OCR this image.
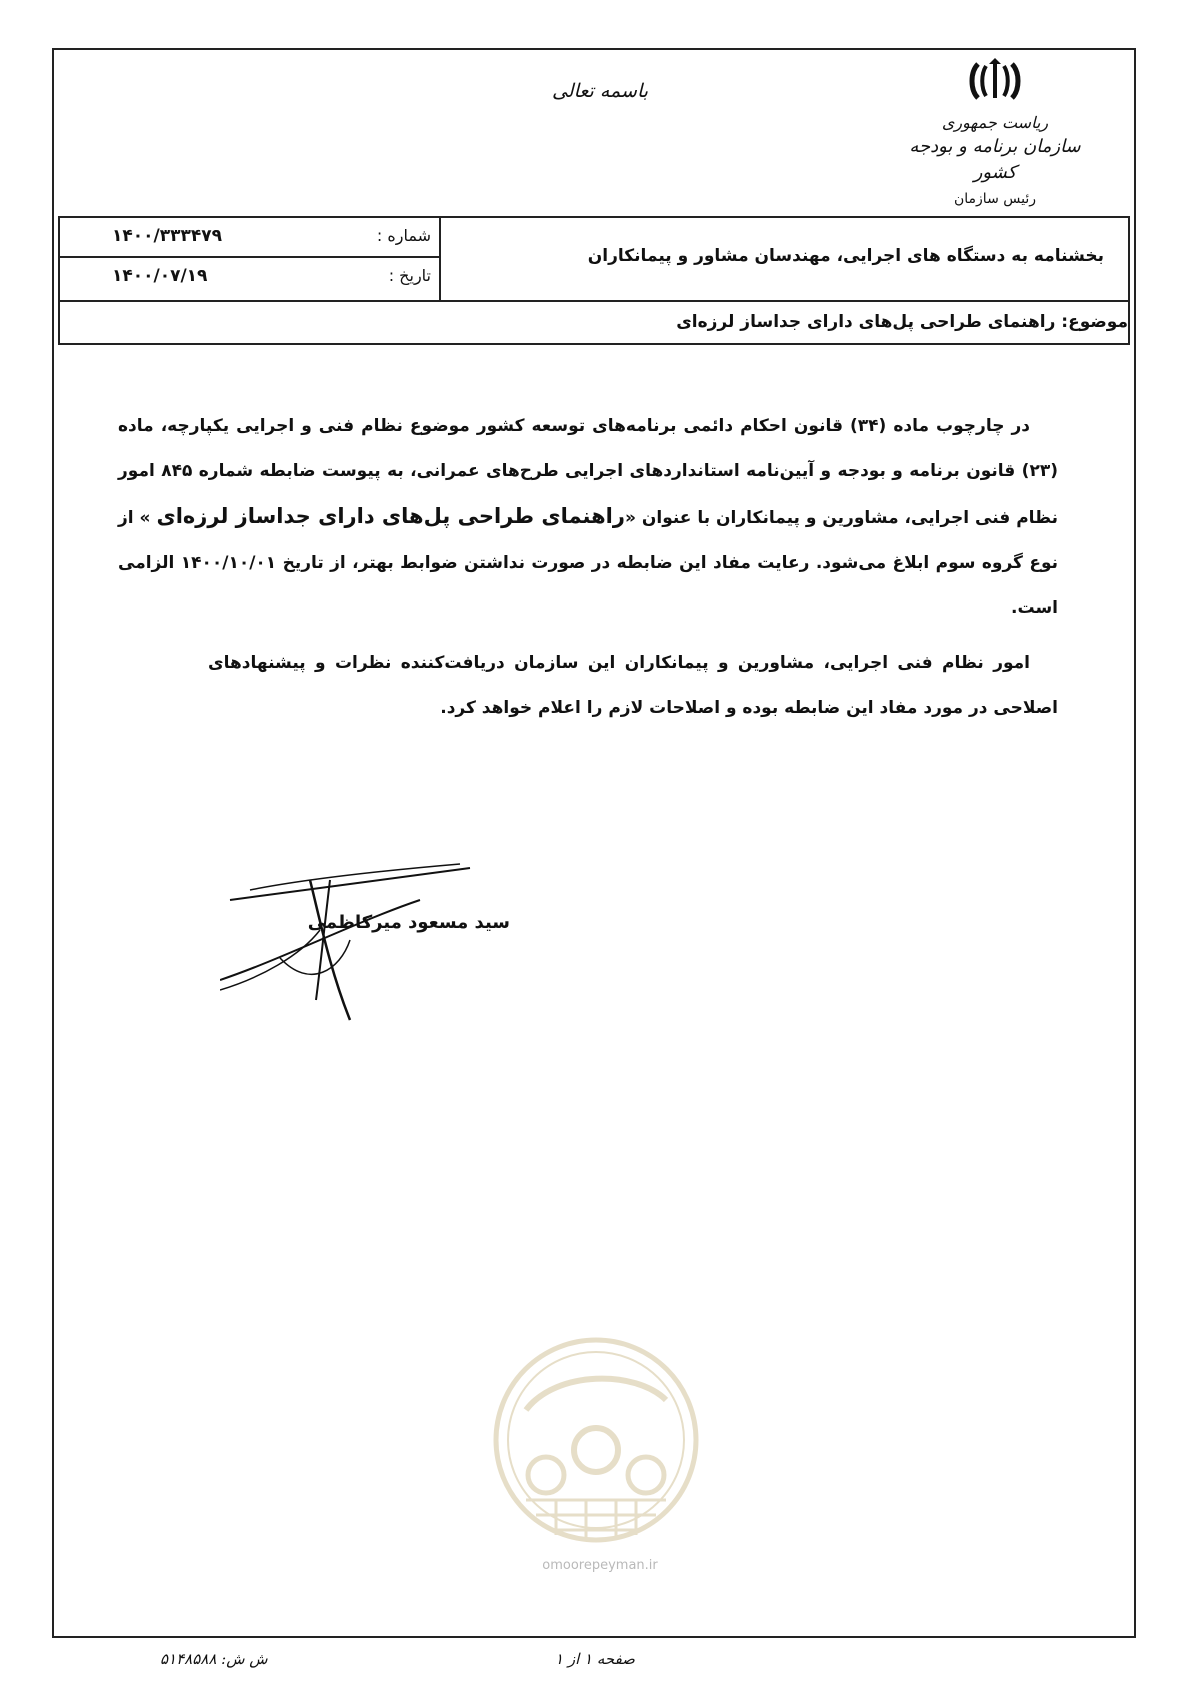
باسمه تعالی
ریاست جمهوری
سازمان برنامه و بودجه کشور
رئیس سازمان
شماره :
۱۴۰۰/۳۳۳۴۷۹
تاریخ :
۱۴۰۰/۰۷/۱۹
بخشنامه به دستگاه های اجرایی، مهندسان مشاور و پیمانکاران
موضوع: راهنمای طراحی پل‌های دارای جداساز لرزه‌ای

در چارچوب ماده (۳۴) قانون احکام دائمی برنامه‌های توسعه کشور موضوع نظام فنی و اجرایی یکپارچه، ماده (۲۳) قانون برنامه و بودجه و آیین‌نامه استانداردهای اجرایی طرح‌های عمرانی، به پیوست ضابطه شماره ۸۴۵ امور نظام فنی اجرایی، مشاورین و پیمانکاران با عنوان «راهنمای طراحی پل‌های دارای جداساز لرزه‌ای » از نوع گروه سوم ابلاغ می‌شود. رعایت مفاد این ضابطه در صورت نداشتن ضوابط بهتر، از تاریخ ۱۴۰۰/۱۰/۰۱ الزامی است.

امور نظام فنی اجرایی، مشاورین و پیمانکاران این سازمان دریافت‌کننده نظرات و پیشنهادهای اصلاحی در مورد مفاد این ضابطه بوده و اصلاحات لازم را اعلام خواهد کرد.

سید مسعود میرکاظمی
omoorepeyman.ir
ش ش: ۵۱۴۸۵۸۸	صفحه ۱ از ۱
